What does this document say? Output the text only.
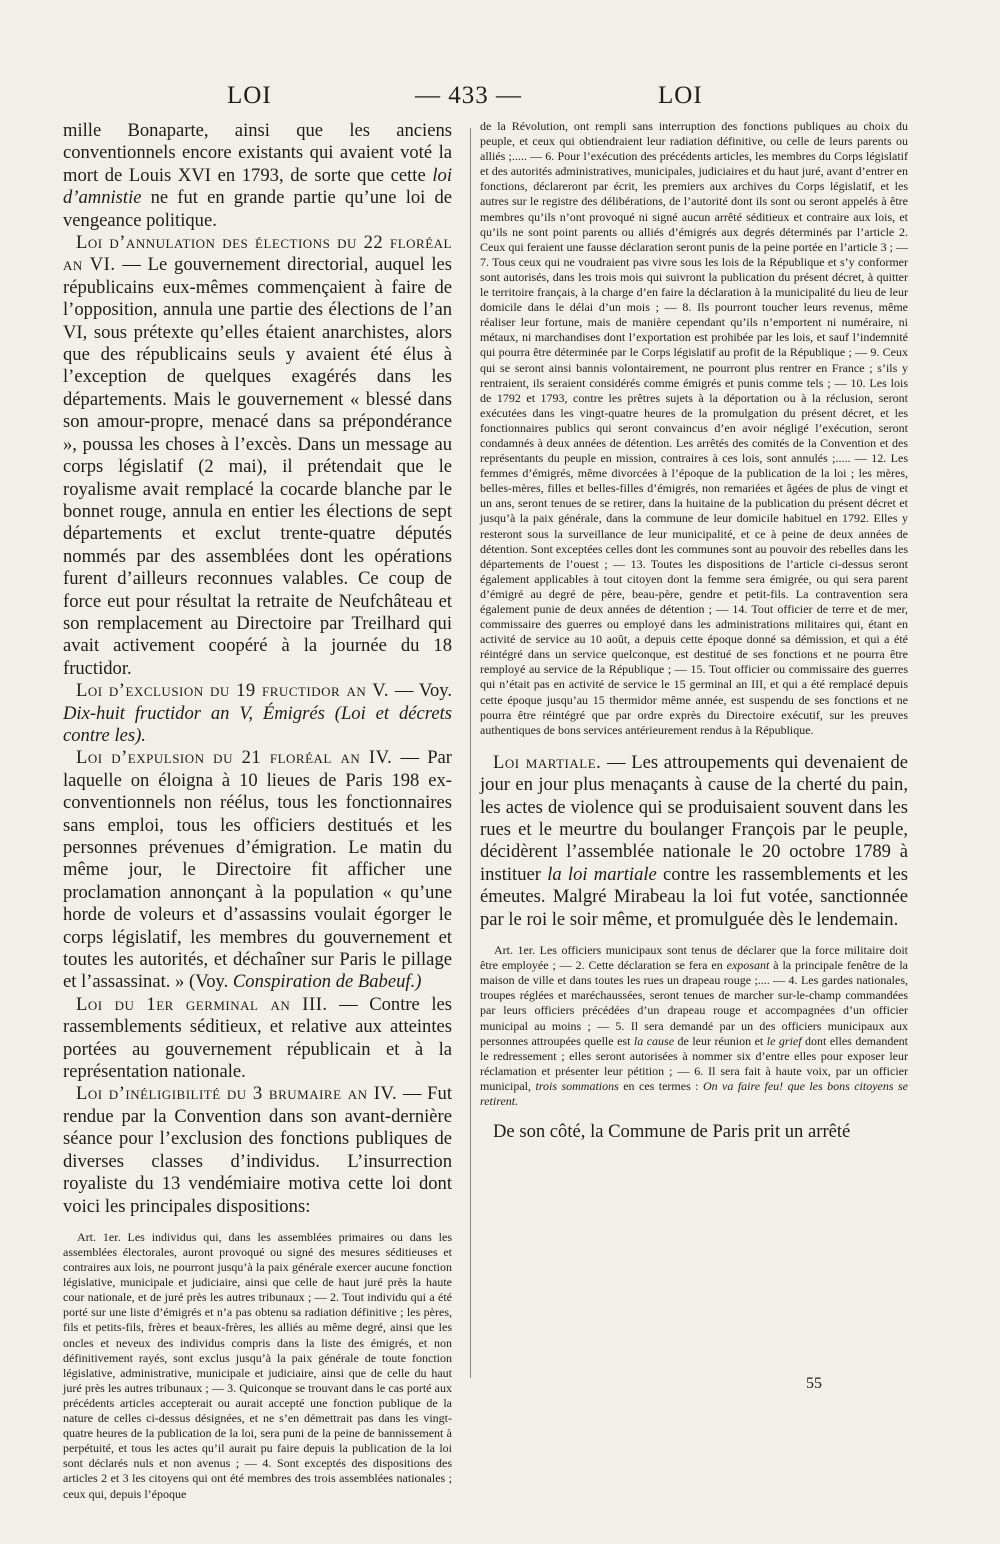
LOI	— 433 —	LOI

mille Bonaparte, ainsi que les anciens conventionnels encore existants qui avaient voté la mort de Louis XVI en 1793, de sorte que cette loi d’amnistie ne fut en grande partie qu’une loi de vengeance politique.

Loi d’annulation des élections du 22 floréal an VI. — Le gouvernement directorial, auquel les républicains eux-mêmes commençaient à faire de l’opposition, annula une partie des élections de l’an VI, sous prétexte qu’elles étaient anarchistes, alors que des républicains seuls y avaient été élus à l’exception de quelques exagérés dans les départements. Mais le gouvernement « blessé dans son amour-propre, menacé dans sa prépondérance », poussa les choses à l’excès. Dans un message au corps législatif (2 mai), il prétendait que le royalisme avait remplacé la cocarde blanche par le bonnet rouge, annula en entier les élections de sept départements et exclut trente-quatre députés nommés par des assemblées dont les opérations furent d’ailleurs reconnues valables. Ce coup de force eut pour résultat la retraite de Neufchâteau et son remplacement au Directoire par Treilhard qui avait activement coopéré à la journée du 18 fructidor.

Loi d’exclusion du 19 fructidor an V. — Voy. Dix-huit fructidor an V, Émigrés (Loi et décrets contre les).

Loi d’expulsion du 21 floréal an IV. — Par laquelle on éloigna à 10 lieues de Paris 198 ex-conventionnels non réélus, tous les fonctionnaires sans emploi, tous les officiers destitués et les personnes prévenues d’émigration. Le matin du même jour, le Directoire fit afficher une proclamation annonçant à la population « qu’une horde de voleurs et d’assassins voulait égorger le corps législatif, les membres du gouvernement et toutes les autorités, et déchaîner sur Paris le pillage et l’assassinat. » (Voy. Conspiration de Babeuf.)

Loi du 1er germinal an III. — Contre les rassemblements séditieux, et relative aux atteintes portées au gouvernement républicain et à la représentation nationale.

Loi d’inéligibilité du 3 brumaire an IV. — Fut rendue par la Convention dans son avant-dernière séance pour l’exclusion des fonctions publiques de diverses classes d’individus. L’insurrection royaliste du 13 vendémiaire motiva cette loi dont voici les principales dispositions:

Art. 1er. Les individus qui, dans les assemblées primaires ou dans les assemblées électorales, auront provoqué ou signé des mesures séditieuses et contraires aux lois, ne pourront jusqu’à la paix générale exercer aucune fonction législative, municipale et judiciaire, ainsi que celle de haut juré près la haute cour nationale, et de juré près les autres tribunaux ; — 2. Tout individu qui a été porté sur une liste d’émigrés et n’a pas obtenu sa radiation définitive ; les pères, fils et petits-fils, frères et beaux-frères, les alliés au même degré, ainsi que les oncles et neveux des individus compris dans la liste des émigrés, et non définitivement rayés, sont exclus jusqu’à la paix générale de toute fonction législative, administrative, municipale et judiciaire, ainsi que de celle du haut juré près les autres tribunaux ; — 3. Quiconque se trouvant dans le cas porté aux précédents articles accepterait ou aurait accepté une fonction publique de la nature de celles ci-dessus désignées, et ne s’en démettrait pas dans les vingt-quatre heures de la publication de la loi, sera puni de la peine de bannissement à perpétuité, et tous les actes qu’il aurait pu faire depuis la publication de la loi sont déclarés nuls et non avenus ; — 4. Sont exceptés des dispositions des articles 2 et 3 les citoyens qui ont été membres des trois assemblées nationales ; ceux qui, depuis l’époque

de la Révolution, ont rempli sans interruption des fonctions publiques au choix du peuple, et ceux qui obtiendraient leur radiation définitive, ou celle de leurs parents ou alliés ;..... — 6. Pour l’exécution des précédents articles, les membres du Corps législatif et des autorités administratives, municipales, judiciaires et du haut juré, avant d’entrer en fonctions, déclareront par écrit, les premiers aux archives du Corps législatif, et les autres sur le registre des délibérations, de l’autorité dont ils sont ou seront appelés à être membres qu’ils n’ont provoqué ni signé aucun arrêté séditieux et contraire aux lois, et qu’ils ne sont point parents ou alliés d’émigrés aux degrés déterminés par l’article 2. Ceux qui feraient une fausse déclaration seront punis de la peine portée en l’article 3 ; — 7. Tous ceux qui ne voudraient pas vivre sous les lois de la République et s’y conformer sont autorisés, dans les trois mois qui suivront la publication du présent décret, à quitter le territoire français, à la charge d’en faire la déclaration à la municipalité du lieu de leur domicile dans le délai d’un mois ; — 8. Ils pourront toucher leurs revenus, même réaliser leur fortune, mais de manière cependant qu’ils n’emportent ni numéraire, ni métaux, ni marchandises dont l’exportation est prohibée par les lois, et sauf l’indemnité qui pourra être déterminée par le Corps législatif au profit de la République ; — 9. Ceux qui se seront ainsi bannis volontairement, ne pourront plus rentrer en France ; s’ils y rentraient, ils seraient considérés comme émigrés et punis comme tels ; — 10. Les lois de 1792 et 1793, contre les prêtres sujets à la déportation ou à la réclusion, seront exécutées dans les vingt-quatre heures de la promulgation du présent décret, et les fonctionnaires publics qui seront convaincus d’en avoir négligé l’exécution, seront condamnés à deux années de détention. Les arrêtés des comités de la Convention et des représentants du peuple en mission, contraires à ces lois, sont annulés ;..... — 12. Les femmes d’émigrés, même divorcées à l’époque de la publication de la loi ; les mères, belles-mères, filles et belles-filles d’émigrés, non remariées et âgées de plus de vingt et un ans, seront tenues de se retirer, dans la huitaine de la publication du présent décret et jusqu’à la paix générale, dans la commune de leur domicile habituel en 1792. Elles y resteront sous la surveillance de leur municipalité, et ce à peine de deux années de détention. Sont exceptées celles dont les communes sont au pouvoir des rebelles dans les départements de l’ouest ; — 13. Toutes les dispositions de l’article ci-dessus seront également applicables à tout citoyen dont la femme sera émigrée, ou qui sera parent d’émigré au degré de père, beau-père, gendre et petit-fils. La contravention sera également punie de deux années de détention ; — 14. Tout officier de terre et de mer, commissaire des guerres ou employé dans les administrations militaires qui, étant en activité de service au 10 août, a depuis cette époque donné sa démission, et qui a été réintégré dans un service quelconque, est destitué de ses fonctions et ne pourra être remployé au service de la République ; — 15. Tout officier ou commissaire des guerres qui n’était pas en activité de service le 15 germinal an III, et qui a été remplacé depuis cette époque jusqu’au 15 thermidor même année, est suspendu de ses fonctions et ne pourra être réintégré que par ordre exprès du Directoire exécutif, sur les preuves authentiques de bons services antérieurement rendus à la République.

Loi martiale. — Les attroupements qui devenaient de jour en jour plus menaçants à cause de la cherté du pain, les actes de violence qui se produisaient souvent dans les rues et le meurtre du boulanger François par le peuple, décidèrent l’assemblée nationale le 20 octobre 1789 à instituer la loi martiale contre les rassemblements et les émeutes. Malgré Mirabeau la loi fut votée, sanctionnée par le roi le soir même, et promulguée dès le lendemain.

Art. 1er. Les officiers municipaux sont tenus de déclarer que la force militaire doit être employée ; — 2. Cette déclaration se fera en exposant à la principale fenêtre de la maison de ville et dans toutes les rues un drapeau rouge ;.... — 4. Les gardes nationales, troupes réglées et maréchaussées, seront tenues de marcher sur-le-champ commandées par leurs officiers précédées d’un drapeau rouge et accompagnées d’un officier municipal au moins ; — 5. Il sera demandé par un des officiers municipaux aux personnes attroupées quelle est la cause de leur réunion et le grief dont elles demandent le redressement ; elles seront autorisées à nommer six d’entre elles pour exposer leur réclamation et présenter leur pétition ; — 6. Il sera fait à haute voix, par un officier municipal, trois sommations en ces termes : On va faire feu! que les bons citoyens se retirent.

De son côté, la Commune de Paris prit un arrêté

55
